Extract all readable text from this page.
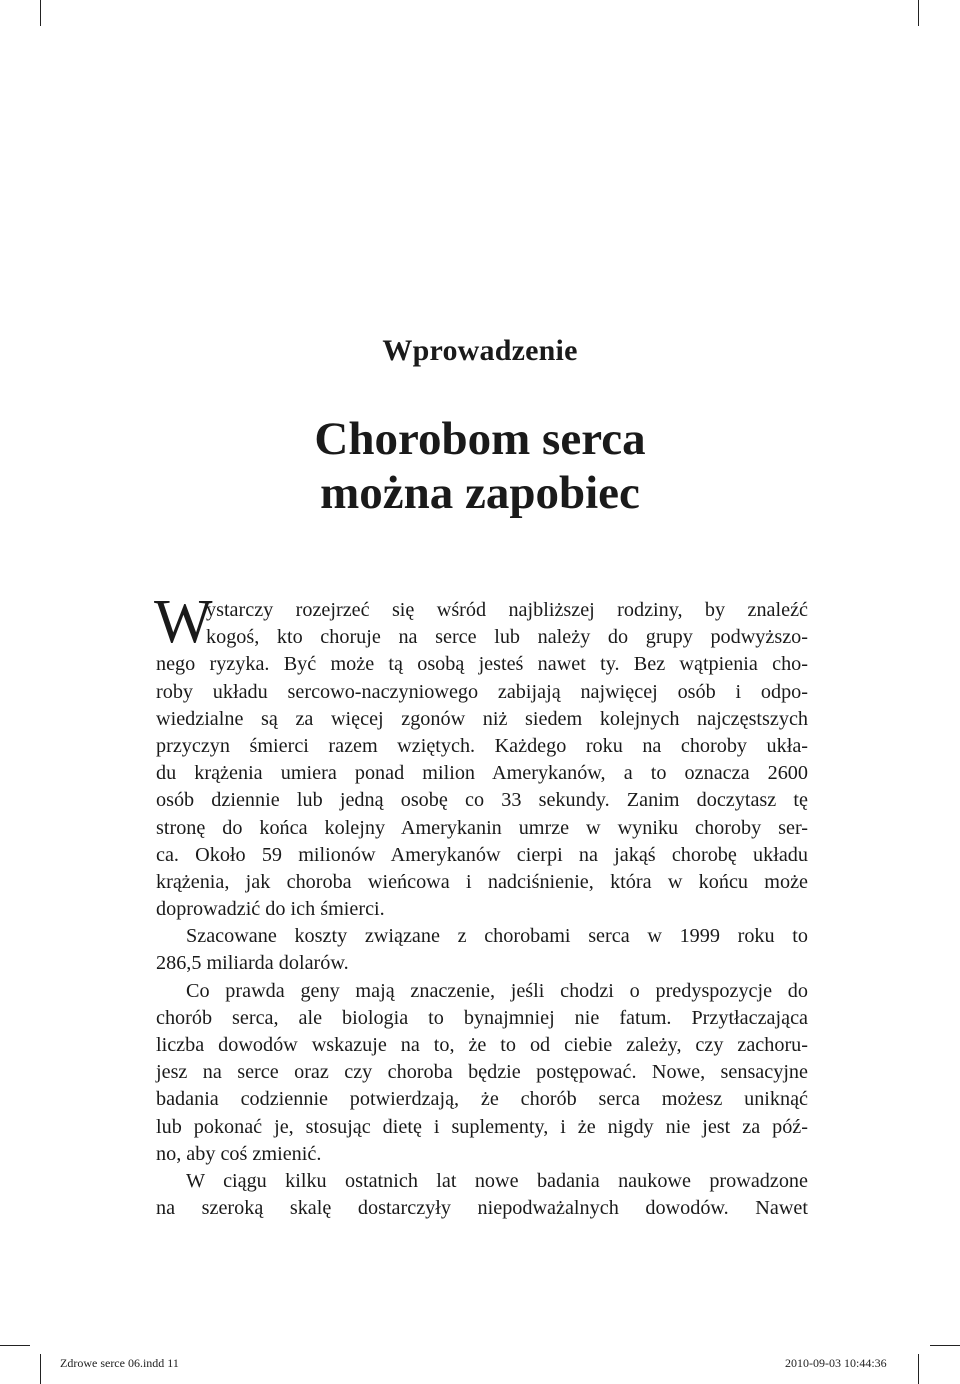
Wprowadzenie
Chorobom serca
można zapobiec
W
ystarczy rozejrzeć się wśród najbliższej rodziny, by znaleźć
kogoś, kto choruje na serce lub należy do grupy podwyższo-
nego ryzyka. Być może tą osobą jesteś nawet ty. Bez wątpienia cho-
roby układu sercowo-naczyniowego zabijają najwięcej osób i odpo-
wiedzialne są za więcej zgonów niż siedem kolejnych najczęstszych
przyczyn śmierci razem wziętych. Każdego roku na choroby ukła-
du krążenia umiera ponad milion Amerykanów, a to oznacza 2600
osób dziennie lub jedną osobę co 33 sekundy. Zanim doczytasz tę
stronę do końca kolejny Amerykanin umrze w wyniku choroby ser-
ca. Około 59 milionów Amerykanów cierpi na jakąś chorobę układu
krążenia, jak choroba wieńcowa i nadciśnienie, która w końcu może
doprowadzić do ich śmierci.
Szacowane koszty związane z chorobami serca w 1999 roku to
286,5 miliarda dolarów.
Co prawda geny mają znaczenie, jeśli chodzi o predyspozycje do
chorób serca, ale biologia to bynajmniej nie fatum. Przytłaczająca
liczba dowodów wskazuje na to, że to od ciebie zależy, czy zachoru-
jesz na serce oraz czy choroba będzie postępować. Nowe, sensacyjne
badania codziennie potwierdzają, że chorób serca możesz uniknąć
lub pokonać je, stosując dietę i suplementy, i że nigdy nie jest za póź-
no, aby coś zmienić.
W ciągu kilku ostatnich lat nowe badania naukowe prowadzone
na szeroką skalę dostarczyły niepodważalnych dowodów. Nawet
Zdrowe serce 06.indd 11	2010-09-03 10:44:36
